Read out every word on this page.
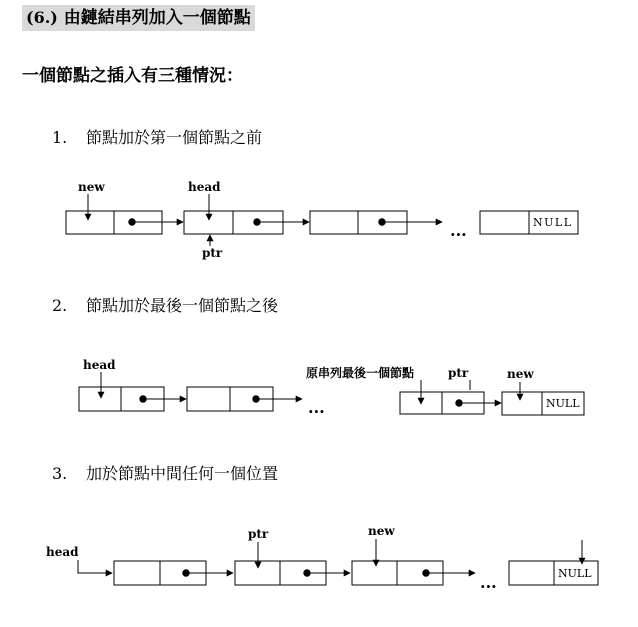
(6.) 由鏈結串列加入一個節點
一個節點之插入有三種情況：
1. 節點加於第一個節點之前
2. 節點加於最後一個節點之後
3. 加於節點中間任何一個位置
new	head
ptr
...	NULL
head
...
原串列最後一個節點	ptr	new
NULL
head
ptr	new
...	NULL
